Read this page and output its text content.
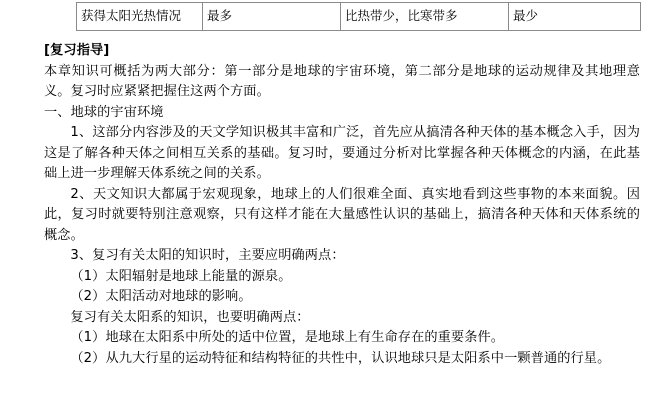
获得太阳光热情况	最多	比热带少，比寒带多	最少

[复习指导]

本章知识可概括为两大部分：第一部分是地球的宇宙环境，第二部分是地球的运动规律及其地理意义。复习时应紧紧把握住这两个方面。

一、地球的宇宙环境

1、这部分内容涉及的天文学知识极其丰富和广泛，首先应从搞清各种天体的基本概念入手，因为这是了解各种天体之间相互关系的基础。复习时，要通过分析对比掌握各种天体概念的内涵，在此基础上进一步理解天体系统之间的关系。

2、天文知识大都属于宏观现象，地球上的人们很难全面、真实地看到这些事物的本来面貌。因此，复习时就要特别注意观察，只有这样才能在大量感性认识的基础上，搞清各种天体和天体系统的概念。

3、复习有关太阳的知识时，主要应明确两点：

（1）太阳辐射是地球上能量的源泉。

（2）太阳活动对地球的影响。

复习有关太阳系的知识，也要明确两点：

（1）地球在太阳系中所处的适中位置，是地球上有生命存在的重要条件。

（2）从九大行星的运动特征和结构特征的共性中，认识地球只是太阳系中一颗普通的行星。
